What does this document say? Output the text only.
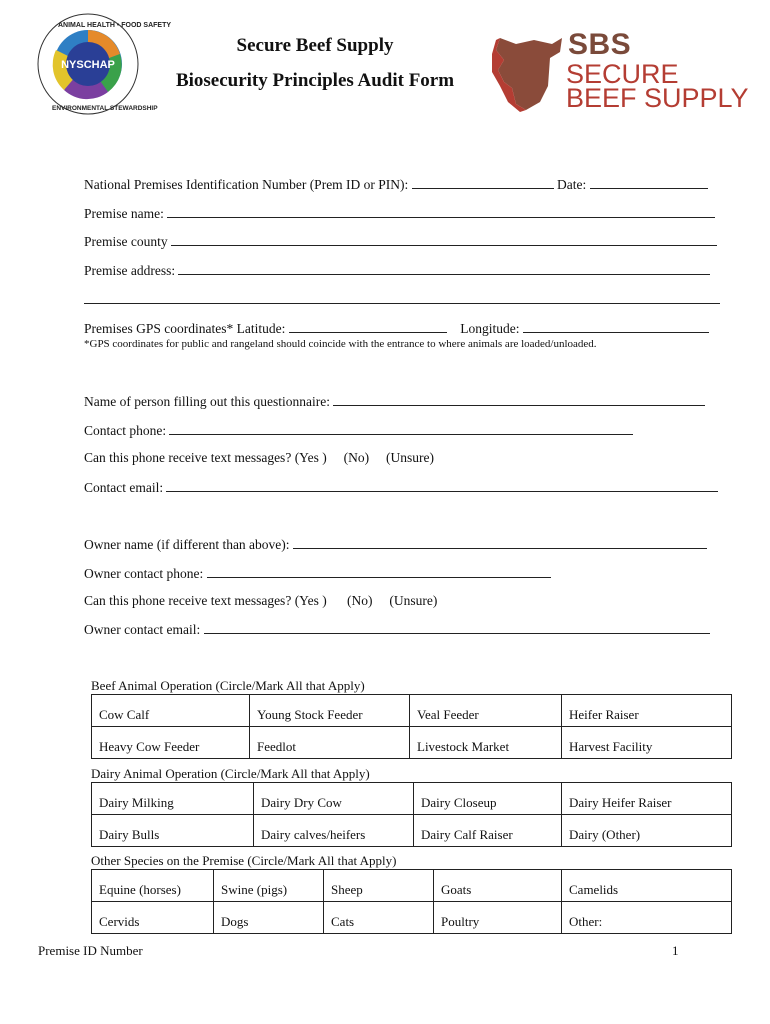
NYSCHAP
ANIMAL HEALTH • FOOD SAFETY
ENVIRONMENTAL STEWARDSHIP
Secure Beef Supply
Biosecurity Principles Audit Form
SBS
SECURE
BEEF SUPPLY
National Premises Identification Number (Prem ID or PIN):	Date:
Premise name:
Premise county
Premise address:
Premises GPS coordinates* Latitude:	Longitude:
*GPS coordinates for public and rangeland should coincide with the entrance to where animals are loaded/unloaded.
Name of person filling out this questionnaire:
Contact phone:
Can this phone receive text messages? (Yes ) (No) (Unsure)
Contact email:
Owner name (if different than above):
Owner contact phone:
Can this phone receive text messages? (Yes ) (No) (Unsure)
Owner contact email:
Beef Animal Operation (Circle/Mark All that Apply)
Cow Calf	Young Stock Feeder	Veal Feeder	Heifer Raiser
Heavy Cow Feeder	Feedlot	Livestock Market	Harvest Facility
Dairy Animal Operation (Circle/Mark All that Apply)
Dairy Milking	Dairy Dry Cow	Dairy Closeup	Dairy Heifer Raiser
Dairy Bulls	Dairy calves/heifers	Dairy Calf Raiser	Dairy (Other)
Other Species on the Premise (Circle/Mark All that Apply)
Equine (horses)	Swine (pigs)	Sheep	Goats	Camelids
Cervids	Dogs	Cats	Poultry	Other:
Premise ID Number	1
